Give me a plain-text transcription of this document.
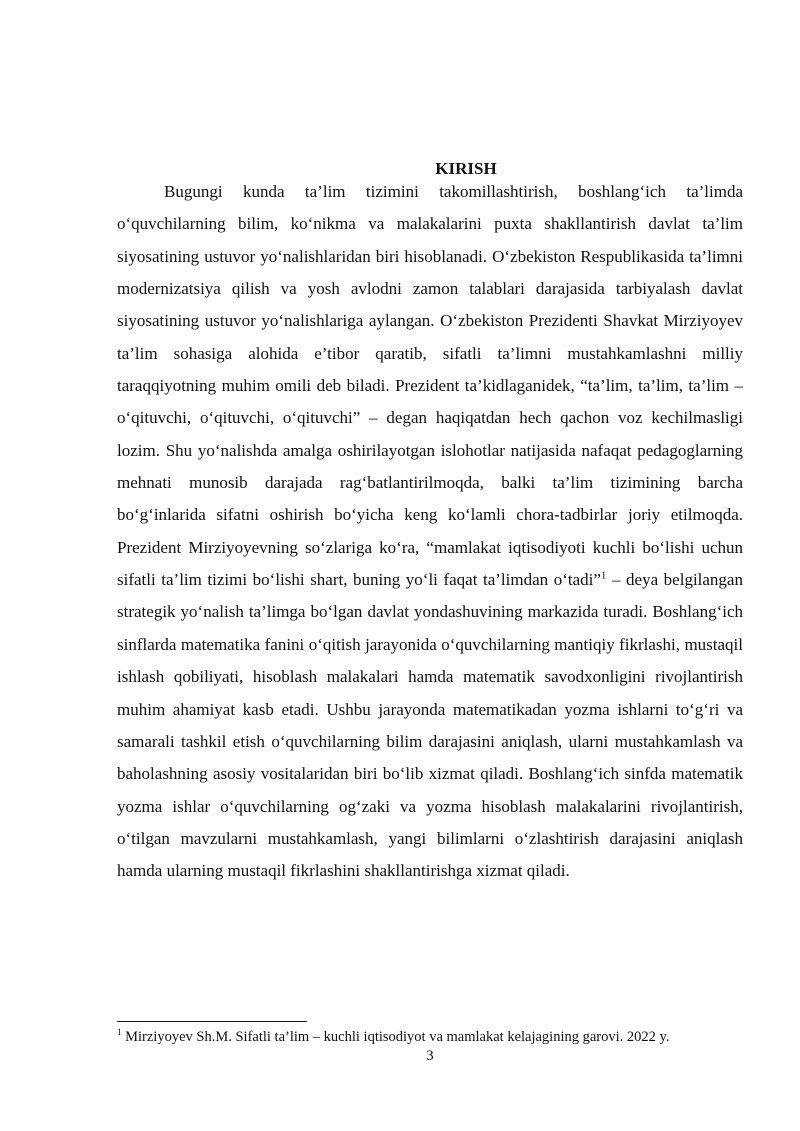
KIRISH

Bugungi kunda ta’lim tizimini takomillashtirish, boshlang‘ich ta’limda o‘quvchilarning bilim, ko‘nikma va malakalarini puxta shakllantirish davlat ta’lim siyosatining ustuvor yo‘nalishlaridan biri hisoblanadi. O‘zbekiston Respublikasida ta’limni modernizatsiya qilish va yosh avlodni zamon talablari darajasida tarbiyalash davlat siyosatining ustuvor yo‘nalishlariga aylangan. O‘zbekiston Prezidenti Shavkat Mirziyoyev ta’lim sohasiga alohida e’tibor qaratib, sifatli ta’limni mustahkamlashni milliy taraqqiyotning muhim omili deb biladi. Prezident ta’kidlaganidek, “ta’lim, ta’lim, ta’lim – o‘qituvchi, o‘qituvchi, o‘qituvchi” – degan haqiqatdan hech qachon voz kechilmasligi lozim. Shu yo‘nalishda amalga oshirilayotgan islohotlar natijasida nafaqat pedagoglarning mehnati munosib darajada rag‘batlantirilmoqda, balki ta’lim tizimining barcha bo‘g‘inlarida sifatni oshirish bo‘yicha keng ko‘lamli chora-tadbirlar joriy etilmoqda. Prezident Mirziyoyevning so‘zlariga ko‘ra, “mamlakat iqtisodiyoti kuchli bo‘lishi uchun sifatli ta’lim tizimi bo‘lishi shart, buning yo‘li faqat ta’limdan o‘tadi”$^1$ – deya belgilangan strategik yo‘nalish ta’limga bo‘lgan davlat yondashuvining markazida turadi. Boshlang‘ich sinflarda matematika fanini o‘qitish jarayonida o‘quvchilarning mantiqiy fikrlashi, mustaqil ishlash qobiliyati, hisoblash malakalari hamda matematik savodxonligini rivojlantirish muhim ahamiyat kasb etadi. Ushbu jarayonda matematikadan yozma ishlarni to‘g‘ri va samarali tashkil etish o‘quvchilarning bilim darajasini aniqlash, ularni mustahkamlash va baholashning asosiy vositalaridan biri bo‘lib xizmat qiladi. Boshlang‘ich sinfda matematik yozma ishlar o‘quvchilarning og‘zaki va yozma hisoblash malakalarini rivojlantirish, o‘tilgan mavzularni mustahkamlash, yangi bilimlarni o‘zlashtirish darajasini aniqlash hamda ularning mustaqil fikrlashini shakllantirishga xizmat qiladi.

$^1$ Mirziyoyev Sh.M. Sifatli ta’lim – kuchli iqtisodiyot va mamlakat kelajagining garovi. 2022 y.

3
